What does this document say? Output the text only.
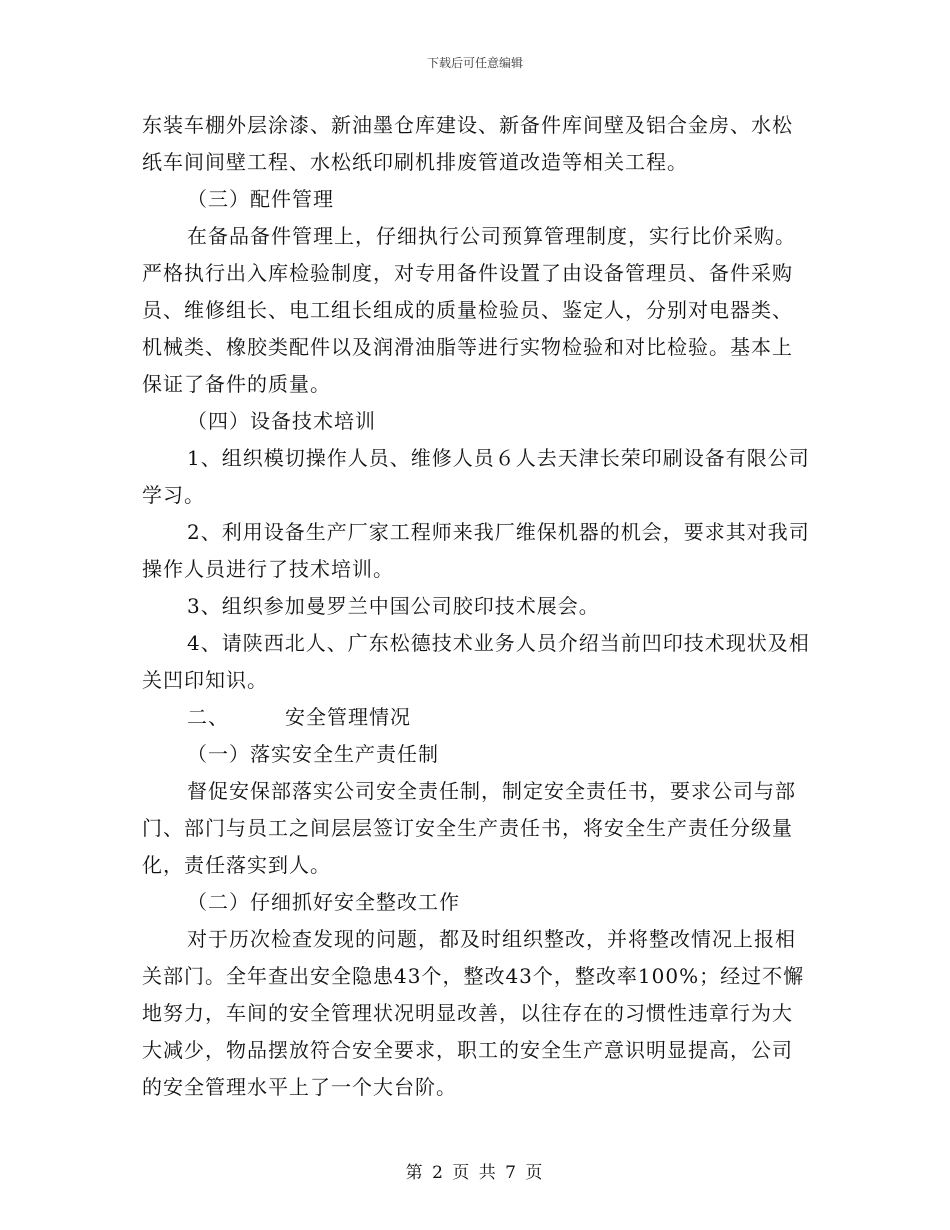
下载后可任意编辑

东装车棚外层涂漆、新油墨仓库建设、新备件库间壁及铝合金房、水松纸车间间壁工程、水松纸印刷机排废管道改造等相关工程。

（三）配件管理

在备品备件管理上，仔细执行公司预算管理制度，实行比价采购。严格执行出入库检验制度，对专用备件设置了由设备管理员、备件采购员、维修组长、电工组长组成的质量检验员、鉴定人，分别对电器类、机械类、橡胶类配件以及润滑油脂等进行实物检验和对比检验。基本上保证了备件的质量。

（四）设备技术培训

1、组织模切操作人员、维修人员６人去天津长荣印刷设备有限公司学习。

2、利用设备生产厂家工程师来我厂维保机器的机会，要求其对我司操作人员进行了技术培训。

3、组织参加曼罗兰中国公司胶印技术展会。

4、请陕西北人、广东松德技术业务人员介绍当前凹印技术现状及相关凹印知识。

二、	安全管理情况

（一）落实安全生产责任制

督促安保部落实公司安全责任制，制定安全责任书，要求公司与部门、部门与员工之间层层签订安全生产责任书，将安全生产责任分级量化，责任落实到人。

（二）仔细抓好安全整改工作

对于历次检查发现的问题，都及时组织整改，并将整改情况上报相关部门。全年查出安全隐患43个，整改43个，整改率100%；经过不懈地努力，车间的安全管理状况明显改善，以往存在的习惯性违章行为大大减少，物品摆放符合安全要求，职工的安全生产意识明显提高，公司的安全管理水平上了一个大台阶。

第 2 页 共 7 页
